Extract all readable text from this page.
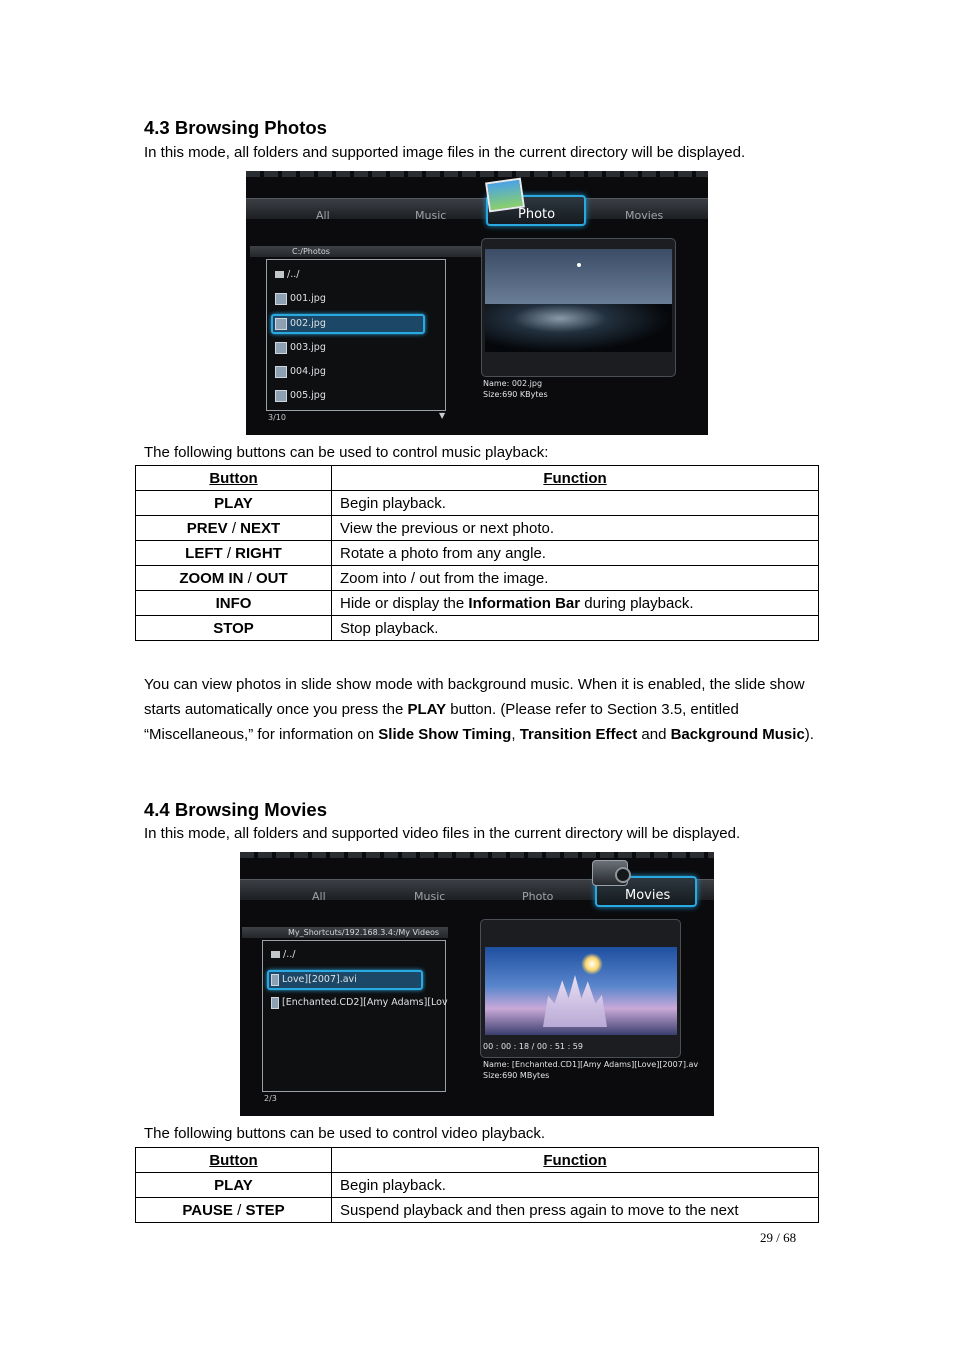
4.3 Browsing Photos
In this mode, all folders and supported image files in the current directory will be displayed.
All	Music	Photo	Movies
C:/Photos
/../
001.jpg
002.jpg
003.jpg
004.jpg
005.jpg
3/10	▼
Name: 002.jpg
Size:690 KBytes
The following buttons can be used to control music playback:
Button	Function
PLAY	Begin playback.
PREV / NEXT	View the previous or next photo.
LEFT / RIGHT	Rotate a photo from any angle.
ZOOM IN / OUT	Zoom into / out from the image.
INFO	Hide or display the Information Bar during playback.
STOP	Stop playback.
You can view photos in slide show mode with background music. When it is enabled, the slide show starts automatically once you press the PLAY button. (Please refer to Section 3.5, entitled “Miscellaneous,” for information on Slide Show Timing, Transition Effect and Background Music).
4.4 Browsing Movies
In this mode, all folders and supported video files in the current directory will be displayed.
All	Music	Photo	Movies
My_Shortcuts/192.168.3.4:/My Videos
/../
Love][2007].avi
[Enchanted.CD2][Amy Adams][Lov
2/3
00 : 00 : 18 / 00 : 51 : 59
Name: [Enchanted.CD1][Amy Adams][Love][2007].av
Size:690 MBytes
The following buttons can be used to control video playback.
Button	Function
PLAY	Begin playback.
PAUSE / STEP	Suspend playback and then press again to move to the next
29 / 68
